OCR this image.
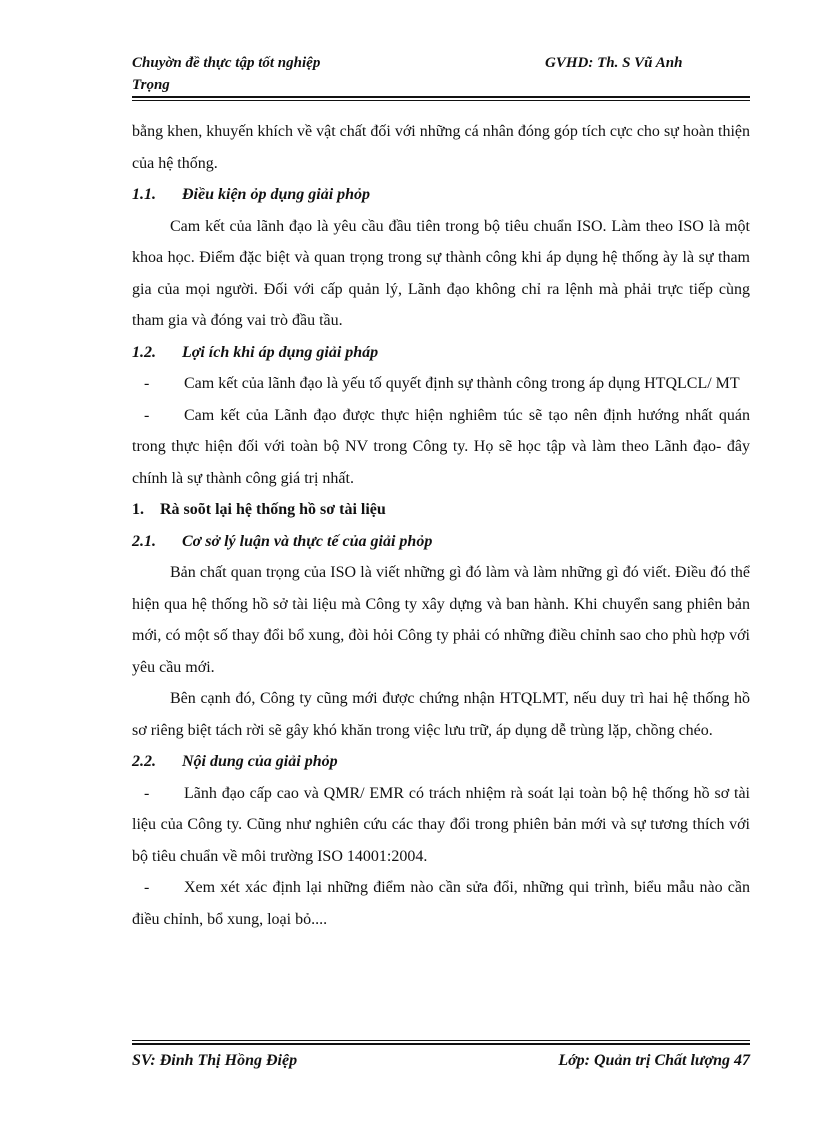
Chuyờn đề thực tập tốt nghiệp
Trọng
GVHD: Th. S Vũ Anh

bằng khen, khuyến khích về vật chất đối với những cá nhân đóng góp tích cực cho sự hoàn thiện của hệ thống.

1.1. Điều kiện ỏp dụng giải phỏp

Cam kết của lãnh đạo là yêu cầu đầu tiên trong bộ tiêu chuẩn ISO. Làm theo ISO là một khoa học. Điểm đặc biệt và quan trọng trong sự thành công khi áp dụng hệ thống ày là sự tham gia của mọi người. Đối với cấp quản lý, Lãnh đạo không chỉ ra lệnh mà phải trực tiếp cùng tham gia và đóng vai trò đầu tầu.

1.2. Lợi ích khi áp dụng giải pháp

- Cam kết của lãnh đạo là yếu tố quyết định sự thành công trong áp dụng HTQLCL/ MT

- Cam kết của Lãnh đạo được thực hiện nghiêm túc sẽ tạo nên định hướng nhất quán trong thực hiện đối với toàn bộ NV trong Công ty. Họ sẽ học tập và làm theo Lãnh đạo- đây chính là sự thành công giá trị nhất.

1. Rà soõt lại hệ thống hồ sơ tài liệu

2.1. Cơ sở lý luận và thực tế của giải phỏp

Bản chất quan trọng của ISO là viết những gì đó làm và làm những gì đó viết. Điều đó thể hiện qua hệ thống hồ sở tài liệu mà Công ty xây dựng và ban hành. Khi chuyển sang phiên bản mới, có một số thay đổi bổ xung, đòi hỏi Công ty phải có những điều chỉnh sao cho phù hợp với yêu cầu mới.

Bên cạnh đó, Công ty cũng mới được chứng nhận HTQLMT, nếu duy trì hai hệ thống hồ sơ riêng biệt tách rời sẽ gây khó khăn trong việc lưu trữ, áp dụng dễ trùng lặp, chồng chéo.

2.2. Nội dung của giải phỏp

- Lãnh đạo cấp cao và QMR/ EMR có trách nhiệm rà soát lại toàn bộ hệ thống hồ sơ tài liệu của Công ty. Cũng như nghiên cứu các thay đổi trong phiên bản mới và sự tương thích với bộ tiêu chuẩn về môi trường ISO 14001:2004.

- Xem xét xác định lại những điểm nào cần sửa đổi, những qui trình, biểu mẫu nào cần điều chỉnh, bổ xung, loại bỏ....

SV: Đinh Thị Hồng Điệp	Lớp: Quản trị Chất lượng 47
